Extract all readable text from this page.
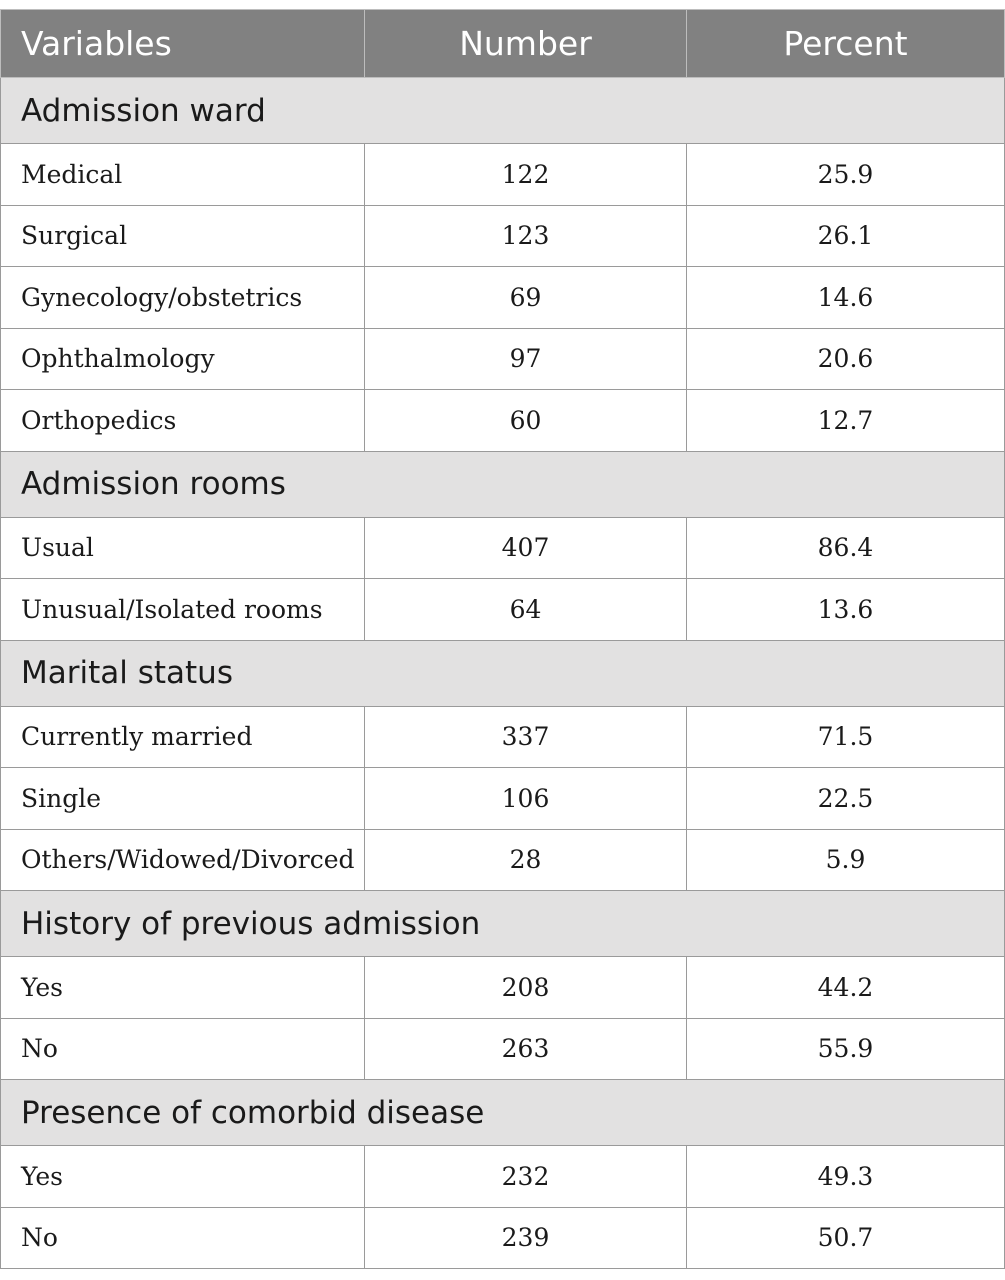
Variables	Number	Percent
Admission ward		
Medical	122	25.9
Surgical	123	26.1
Gynecology/obstetrics	69	14.6
Ophthalmology	97	20.6
Orthopedics	60	12.7
Admission rooms		
Usual	407	86.4
Unusual/Isolated rooms	64	13.6
Marital status		
Currently married	337	71.5
Single	106	22.5
Others/Widowed/Divorced	28	5.9
History of previous admission		
Yes	208	44.2
No	263	55.9
Presence of comorbid disease		
Yes	232	49.3
No	239	50.7
